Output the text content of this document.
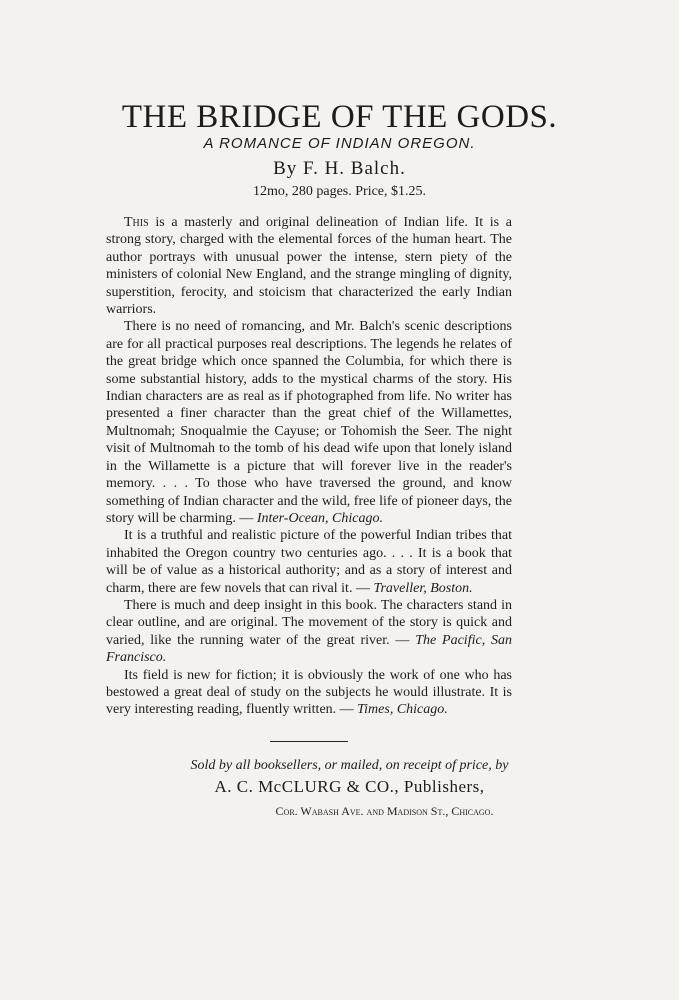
THE BRIDGE OF THE GODS.
A ROMANCE OF INDIAN OREGON.
By F. H. Balch.
12mo, 280 pages. Price, $1.25.

This is a masterly and original delineation of Indian life. It is a strong story, charged with the elemental forces of the human heart. The author portrays with unusual power the intense, stern piety of the ministers of colonial New England, and the strange mingling of dignity, superstition, ferocity, and stoicism that characterized the early Indian warriors.

There is no need of romancing, and Mr. Balch's scenic descriptions are for all practical purposes real descriptions. The legends he relates of the great bridge which once spanned the Columbia, for which there is some substantial history, adds to the mystical charms of the story. His Indian characters are as real as if photographed from life. No writer has presented a finer character than the great chief of the Willamettes, Multnomah; Snoqualmie the Cayuse; or Tohomish the Seer. The night visit of Multnomah to the tomb of his dead wife upon that lonely island in the Willamette is a picture that will forever live in the reader's memory. . . . To those who have traversed the ground, and know something of Indian character and the wild, free life of pioneer days, the story will be charming. — Inter-Ocean, Chicago.

It is a truthful and realistic picture of the powerful Indian tribes that inhabited the Oregon country two centuries ago. . . . It is a book that will be of value as a historical authority; and as a story of interest and charm, there are few novels that can rival it. — Traveller, Boston.

There is much and deep insight in this book. The characters stand in clear outline, and are original. The movement of the story is quick and varied, like the running water of the great river. — The Pacific, San Francisco.

Its field is new for fiction; it is obviously the work of one who has bestowed a great deal of study on the subjects he would illustrate. It is very interesting reading, fluently written. — Times, Chicago.

Sold by all booksellers, or mailed, on receipt of price, by
A. C. McCLURG & CO., Publishers,
Cor. Wabash Ave. and Madison St., Chicago.
